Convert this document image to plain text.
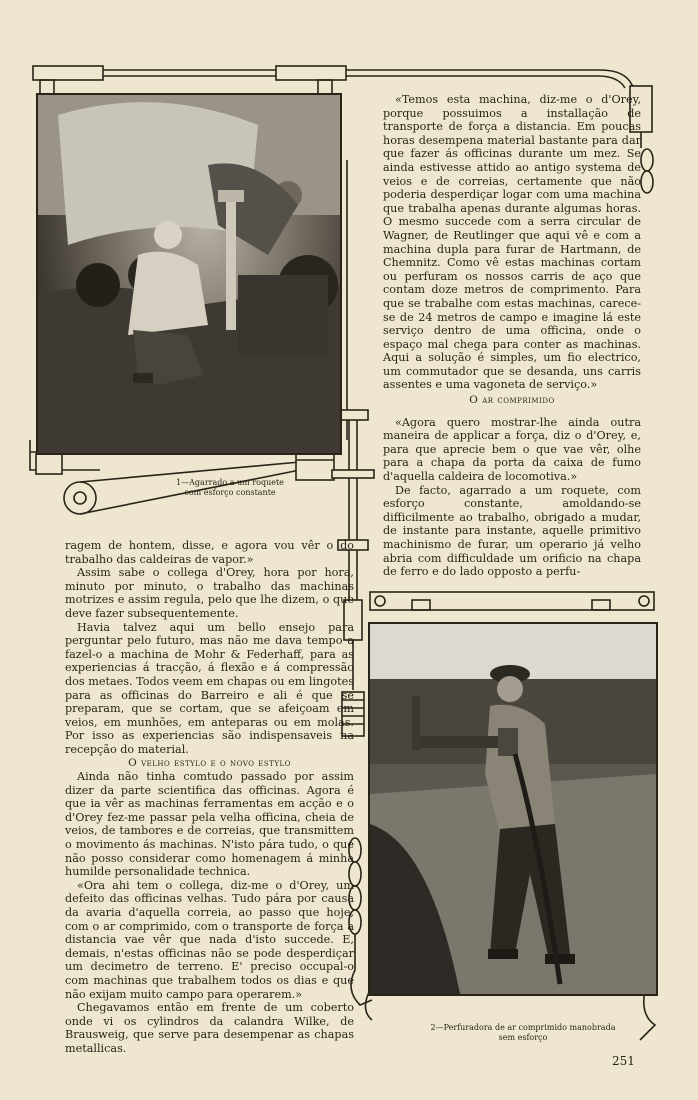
1—Agarrado a um roquete
com esforço constante
2—Perfuradora de ar comprimido manobrada
sem esforço

«Temos esta machina, diz-me o d'Orey, porque possuimos a installação de transporte de força a distancia. Em poucas horas desempena material bastante para dar que fazer ás officinas durante um mez. Se ainda estivesse attido ao antigo systema de veios e de correias, certamente que não poderia desperdiçar logar com uma machina que trabalha apenas durante algumas horas. O mesmo succede com a serra circular de Wagner, de Reutlinger que aqui vê e com a machina dupla para furar de Hartmann, de Chemnitz. Como vê estas machinas cortam ou perfuram os nossos carris de aço que contam doze metros de comprimento. Para que se trabalhe com estas machinas, carece-se de 24 metros de campo e imagine lá este serviço dentro de uma officina, onde o espaço mal chega para conter as machinas. Aqui a solução é simples, um fio electrico, um commutador que se desanda, uns carris assentes e uma vagoneta de serviço.»

O ar comprimido

«Agora quero mostrar-lhe ainda outra maneira de applicar a força, diz o d'Orey, e, para que aprecie bem o que vae vêr, olhe para a chapa da porta da caixa de fumo d'aquella caldeira de locomotiva.»

De facto, agarrado a um roquete, com esforço constante, amoldando-se difficilmente ao trabalho, obrigado a mudar, de instante para instante, aquelle primitivo machinismo de furar, um operario já velho abria com difficuldade um orificio na chapa de ferro e do lado opposto a perfu-

ragem de hontem, disse, e agora vou vêr o do trabalho das caldeiras de vapor.»

Assim sabe o collega d'Orey, hora por hora, minuto por minuto, o trabalho das machinas motrizes e assim regula, pelo que lhe dizem, o que deve fazer subsequentemente.

Havia talvez aqui um bello ensejo para perguntar pelo futuro, mas não me dava tempo a fazel-o a machina de Mohr & Federhaff, para as experiencias á tracção, á flexão e á compressão dos metaes. Todos veem em chapas ou em lingotes para as officinas do Barreiro e ali é que se preparam, que se cortam, que se afeiçoam em veios, em munhões, em anteparas ou em molas. Por isso as experiencias são indispensaveis na recepção do material.

O velho estylo e o novo estylo

Ainda não tinha comtudo passado por assim dizer da parte scientifica das officinas. Agora é que ia vêr as machinas ferramentas em acção e o d'Orey fez-me passar pela velha officina, cheia de veios, de tambores e de correias, que transmittem o movimento ás machinas. N'isto pára tudo, o que não posso considerar como homenagem á minha humilde personalidade technica.

«Ora ahi tem o collega, diz-me o d'Orey, um defeito das officinas velhas. Tudo pára por causa da avaria d'aquella correia, ao passo que hoje, com o ar comprimido, com o transporte de força a distancia vae vêr que nada d'isto succede. E, demais, n'estas officinas não se pode desperdiçar um decimetro de terreno. E' preciso occupal-o com machinas que trabalhem todos os dias e que não exijam muito campo para operarem.»

Chegavamos então em frente de um coberto onde vi os cylindros da calandra Wilke, de Brausweig, que serve para desempenar as chapas metallicas.

251
